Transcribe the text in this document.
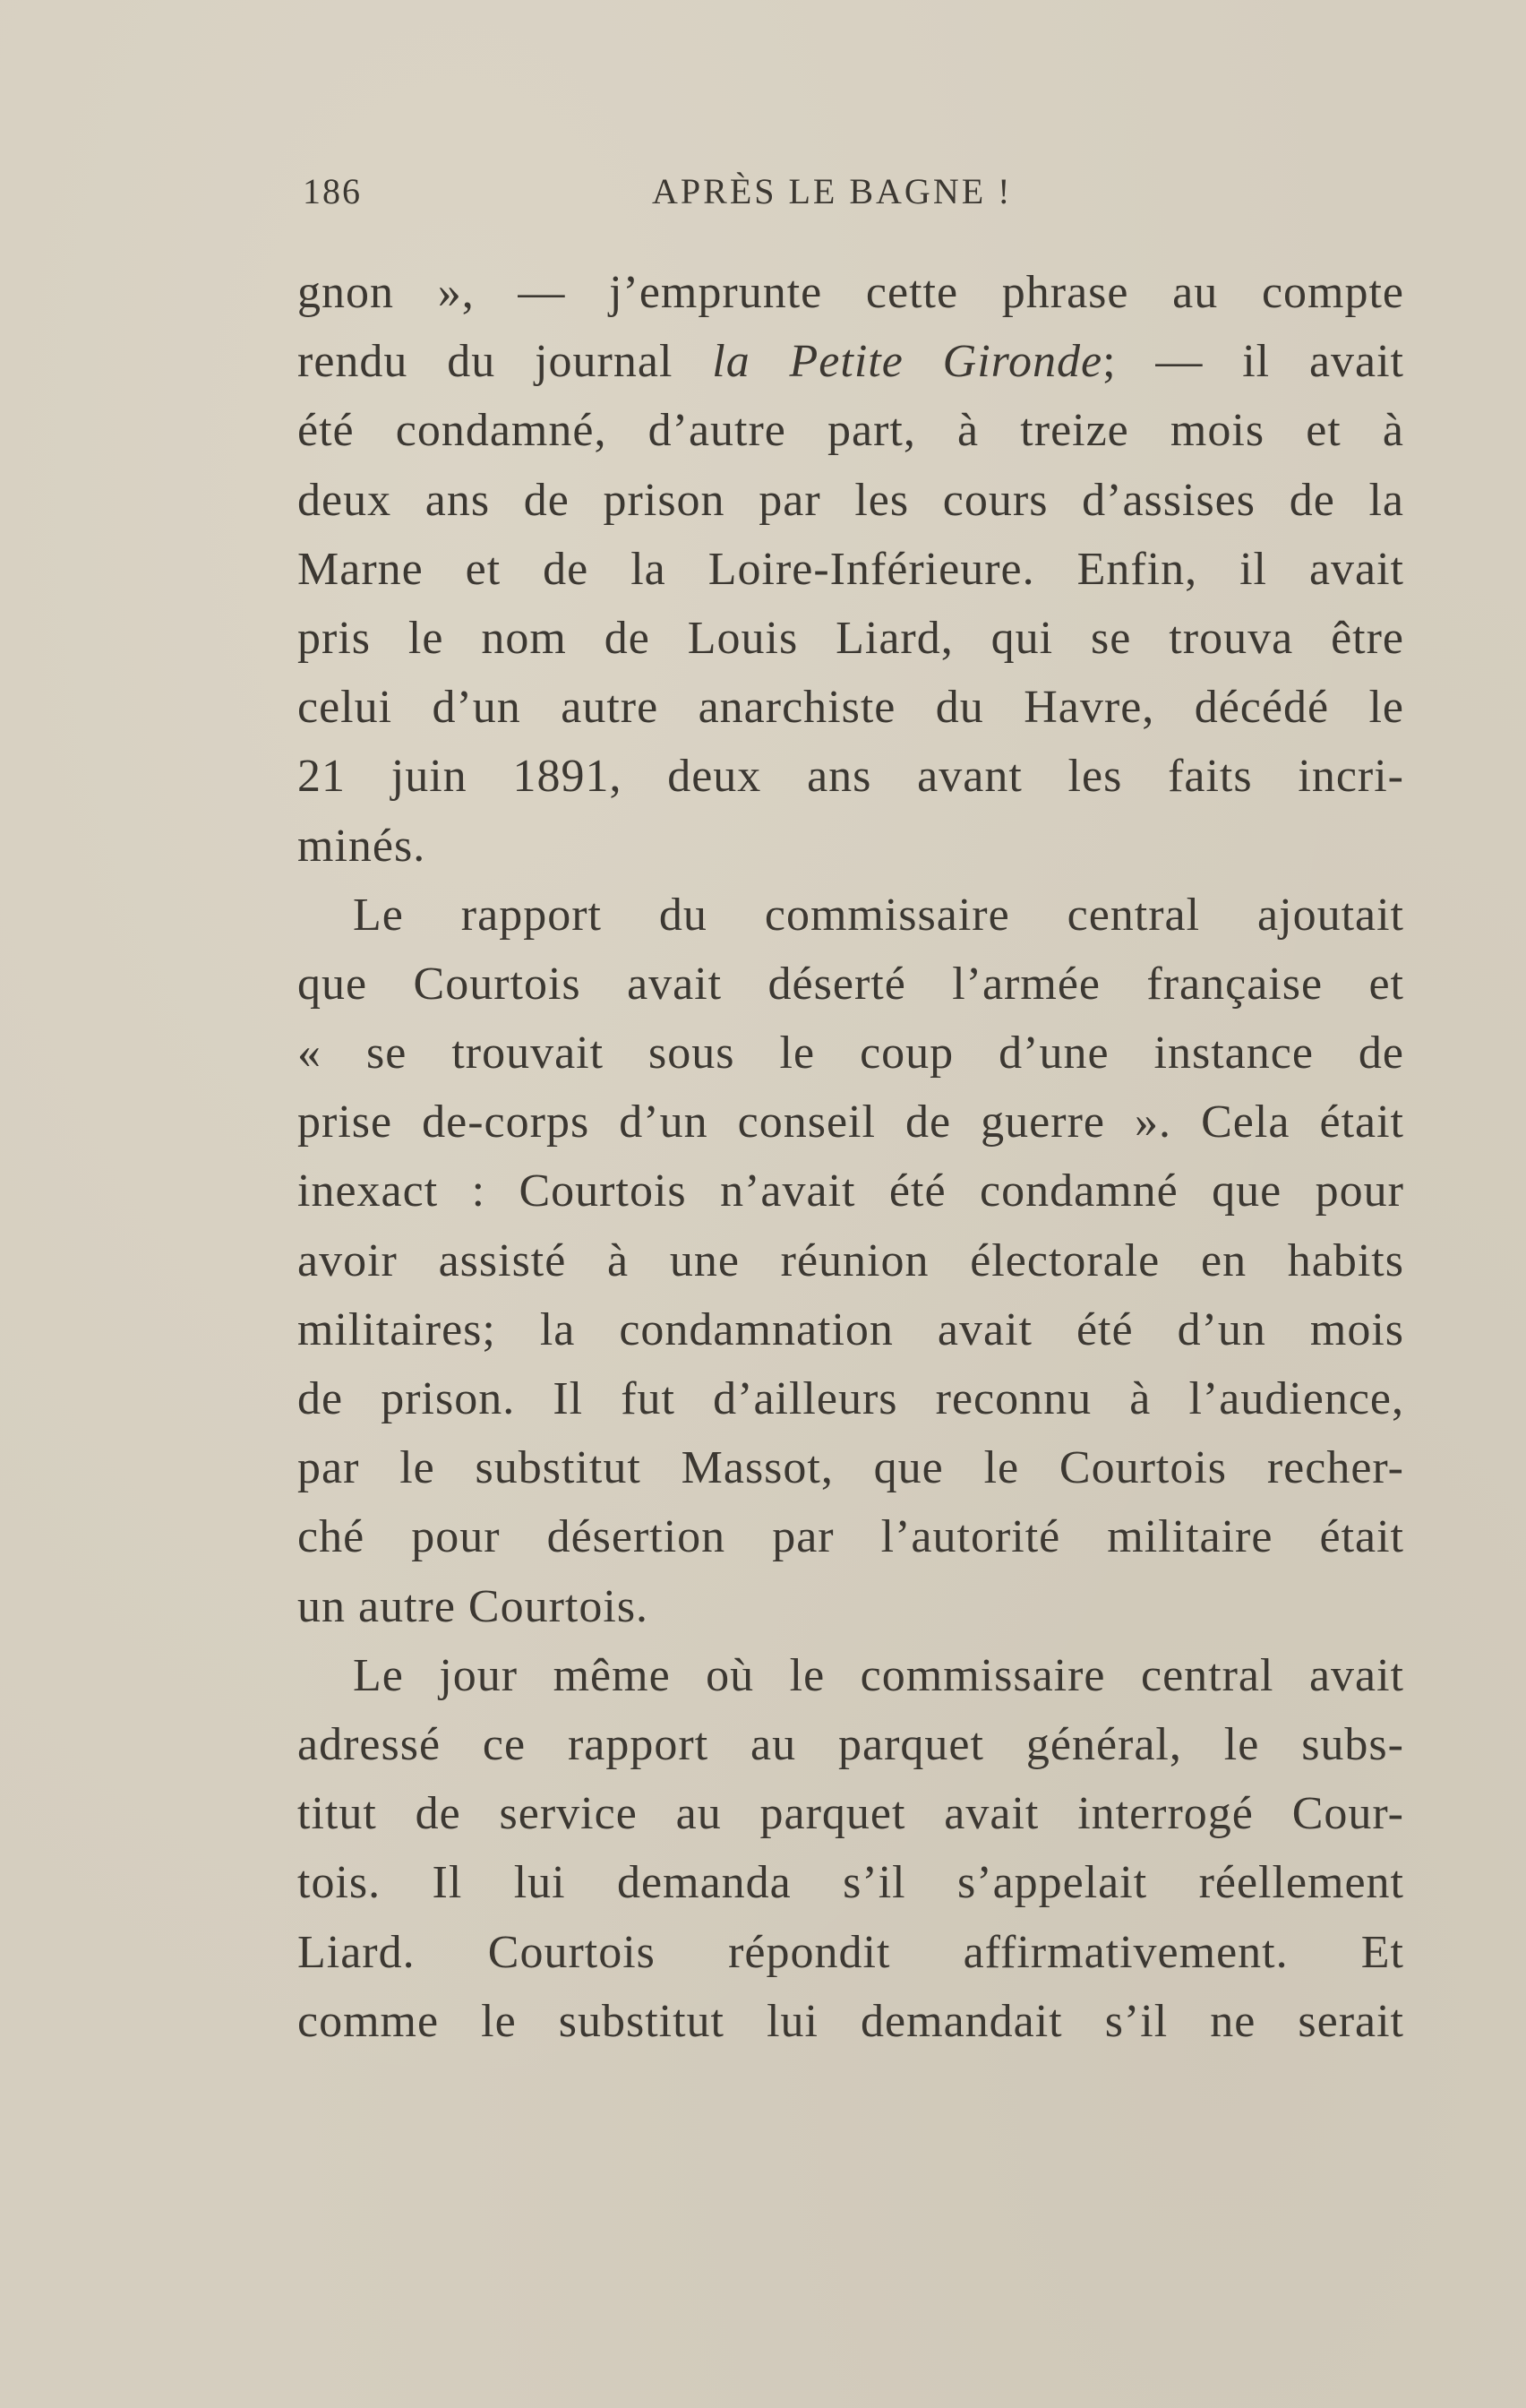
186	APRÈS LE BAGNE !
gnon », — j’emprunte cette phrase au compte
rendu du journal la Petite Gironde; — il avait
été condamné, d’autre part, à treize mois et à
deux ans de prison par les cours d’assises de la
Marne et de la Loire-Inférieure. Enfin, il avait
pris le nom de Louis Liard, qui se trouva être
celui d’un autre anarchiste du Havre, décédé le
21 juin 1891, deux ans avant les faits incri-
minés.
Le rapport du commissaire central ajoutait
que Courtois avait déserté l’armée française et
« se trouvait sous le coup d’une instance de
prise de-corps d’un conseil de guerre ». Cela était
inexact : Courtois n’avait été condamné que pour
avoir assisté à une réunion électorale en habits
militaires; la condamnation avait été d’un mois
de prison. Il fut d’ailleurs reconnu à l’audience,
par le substitut Massot, que le Courtois recher-
ché pour désertion par l’autorité militaire était
un autre Courtois.
Le jour même où le commissaire central avait
adressé ce rapport au parquet général, le subs-
titut de service au parquet avait interrogé Cour-
tois. Il lui demanda s’il s’appelait réellement
Liard. Courtois répondit affirmativement. Et
comme le substitut lui demandait s’il ne serait
